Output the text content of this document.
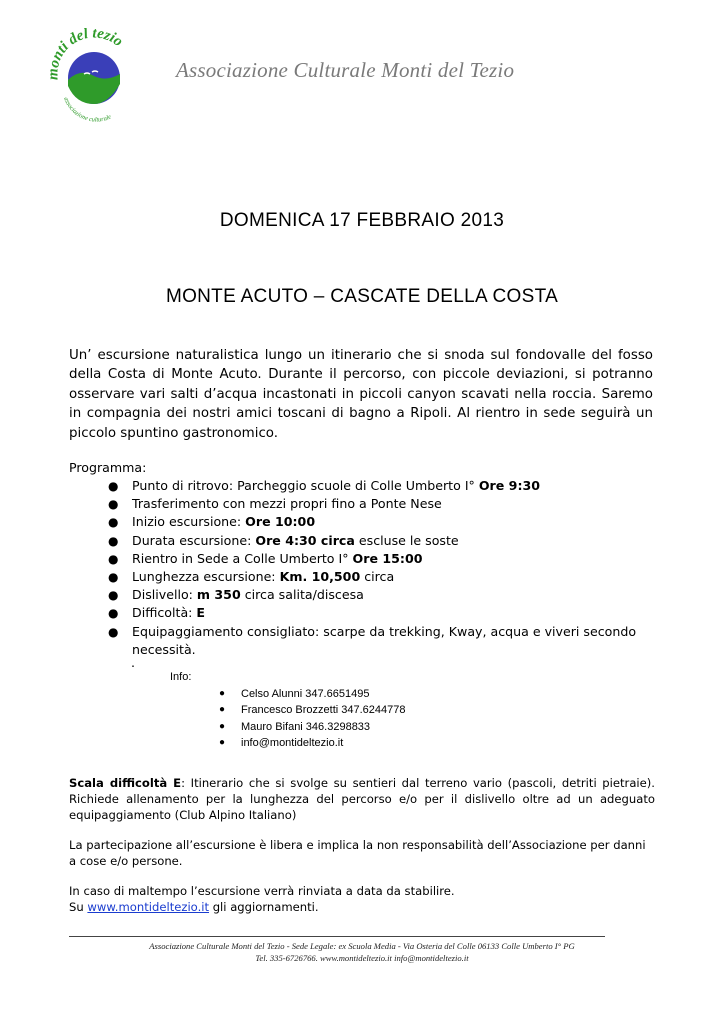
monti del tezio
associazione culturale
Associazione Culturale Monti del Tezio
DOMENICA 17 FEBBRAIO 2013
MONTE ACUTO – CASCATE DELLA COSTA

Un’ escursione naturalistica lungo un itinerario che si snoda sul fondovalle del fosso della Costa di Monte Acuto. Durante il percorso, con piccole deviazioni, si potranno osservare vari salti d’acqua incastonati in piccoli canyon scavati nella roccia. Saremo in compagnia dei nostri amici toscani di bagno a Ripoli. Al rientro in sede seguirà un piccolo spuntino gastronomico.

Programma:
● Punto di ritrovo: Parcheggio scuole di Colle Umberto I° Ore 9:30
● Trasferimento con mezzi propri fino a Ponte Nese
● Inizio escursione: Ore 10:00
● Durata escursione: Ore 4:30 circa escluse le soste
● Rientro in Sede a Colle Umberto I° Ore 15:00
● Lunghezza escursione: Km. 10,500 circa
● Dislivello: m 350 circa salita/discesa
● Difficoltà: E
● Equipaggiamento consigliato: scarpe da trekking, Kway, acqua e viveri secondo necessità.
.
Info:
● Celso Alunni 347.6651495
● Francesco Brozzetti 347.6244778
● Mauro Bifani 346.3298833
● info@montideltezio.it

Scala difficoltà E: Itinerario che si svolge su sentieri dal terreno vario (pascoli, detriti pietraie). Richiede allenamento per la lunghezza del percorso e/o per il dislivello oltre ad un adeguato equipaggiamento (Club Alpino Italiano)

La partecipazione all’escursione è libera e implica la non responsabilità dell’Associazione per danni a cose e/o persone.

In caso di maltempo l’escursione verrà rinviata a data da stabilire.
Su www.montideltezio.it gli aggiornamenti.

Associazione Culturale Monti del Tezio - Sede Legale: ex Scuola Media - Via Osteria del Colle 06133 Colle Umberto I° PG
Tel. 335-6726766. www.montideltezio.it info@montideltezio.it
